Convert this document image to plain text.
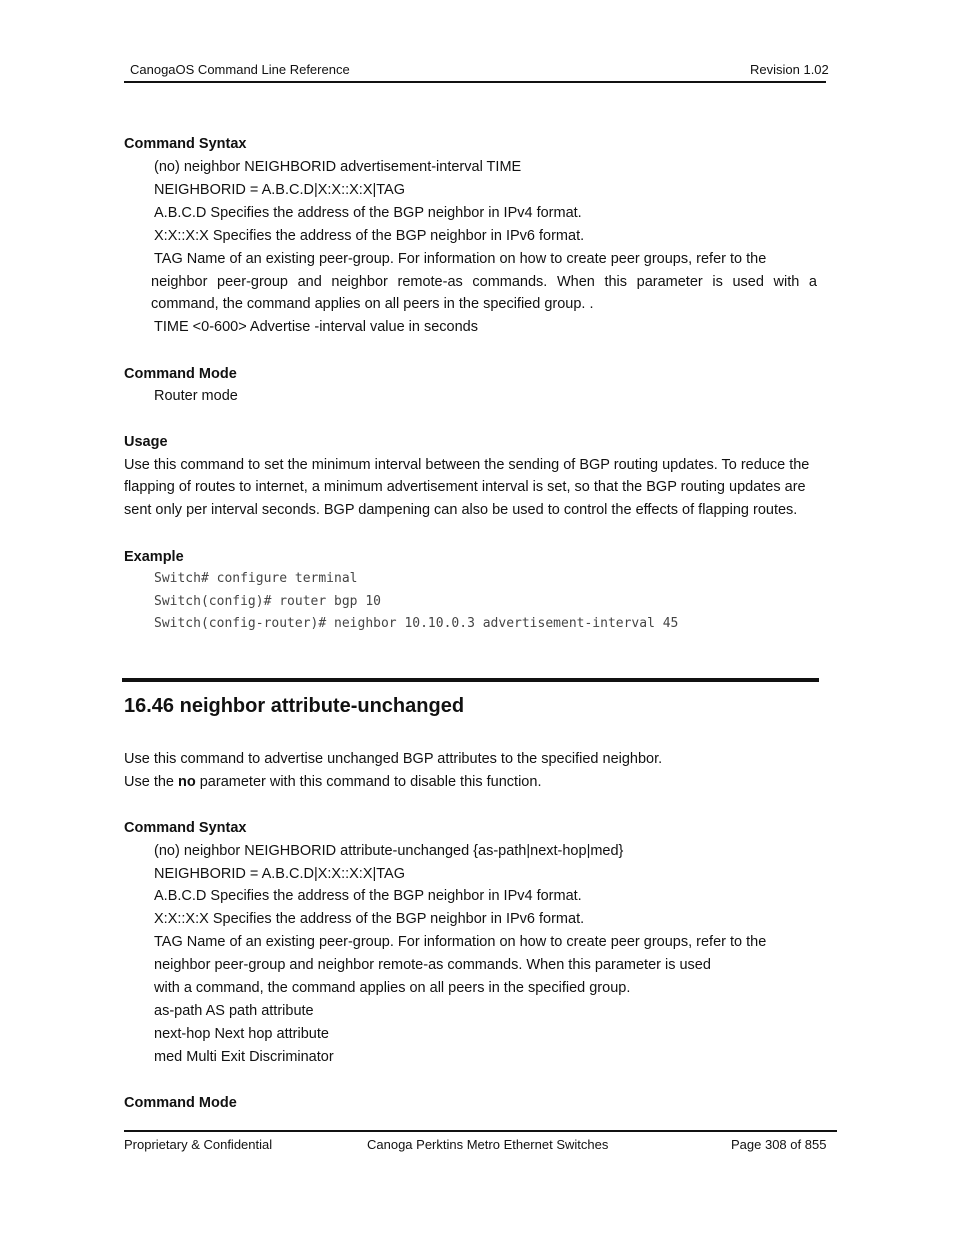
CanogaOS Command Line Reference	Revision 1.02
Command Syntax
(no) neighbor NEIGHBORID advertisement-interval TIME
NEIGHBORID = A.B.C.D|X:X::X:X|TAG
A.B.C.D Specifies the address of the BGP neighbor in IPv4 format.
X:X::X:X Specifies the address of the BGP neighbor in IPv6 format.
TAG Name of an existing peer-group. For information on how to create peer groups, refer to the
neighbor peer-group and neighbor remote-as commands. When this parameter is used with a
command, the command applies on all peers in the specified group. .
TIME <0-600> Advertise -interval value in seconds
Command Mode
Router mode
Usage
Use this command to set the minimum interval between the sending of BGP routing updates. To reduce the
flapping of routes to internet, a minimum advertisement interval is set, so that the BGP routing updates are
sent only per interval seconds. BGP dampening can also be used to control the effects of flapping routes.
Example
Switch# configure terminal
Switch(config)# router bgp 10
Switch(config-router)# neighbor 10.10.0.3 advertisement-interval 45
16.46 neighbor attribute-unchanged
Use this command to advertise unchanged BGP attributes to the specified neighbor.
Use the no parameter with this command to disable this function.
Command Syntax
(no) neighbor NEIGHBORID attribute-unchanged {as-path|next-hop|med}
NEIGHBORID = A.B.C.D|X:X::X:X|TAG
A.B.C.D Specifies the address of the BGP neighbor in IPv4 format.
X:X::X:X Specifies the address of the BGP neighbor in IPv6 format.
TAG Name of an existing peer-group. For information on how to create peer groups, refer to the
neighbor peer-group and neighbor remote-as commands. When this parameter is used
with a command, the command applies on all peers in the specified group.
as-path AS path attribute
next-hop Next hop attribute
med Multi Exit Discriminator
Command Mode
Proprietary & Confidential	Canoga Perktins Metro Ethernet Switches	Page 308 of 855
